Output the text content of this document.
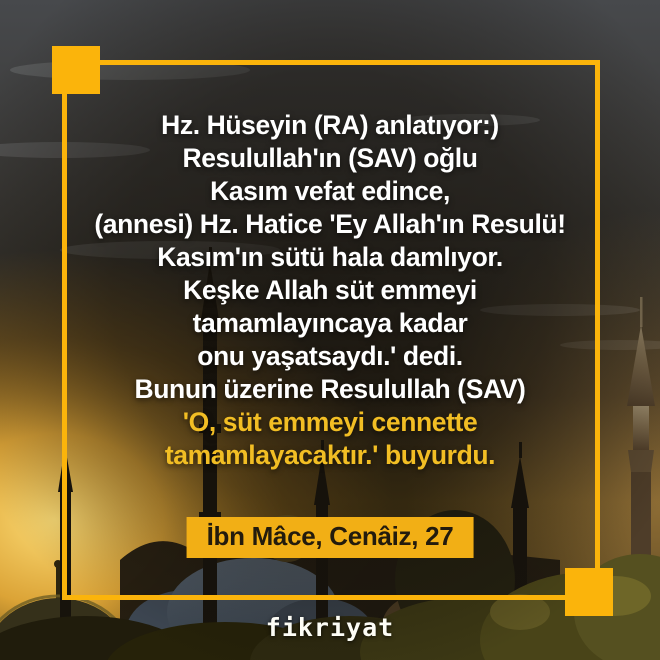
Hz. Hüseyin (RA) anlatıyor:)
Resulullah'ın (SAV) oğlu
Kasım vefat edince,
(annesi) Hz. Hatice 'Ey Allah'ın Resulü!
Kasım'ın sütü hala damlıyor.
Keşke Allah süt emmeyi
tamamlayıncaya kadar
onu yaşatsaydı.' dedi.
Bunun üzerine Resulullah (SAV)
'O, süt emmeyi cennette
tamamlayacaktır.' buyurdu.
İbn Mâce, Cenâiz, 27
fikriyat
